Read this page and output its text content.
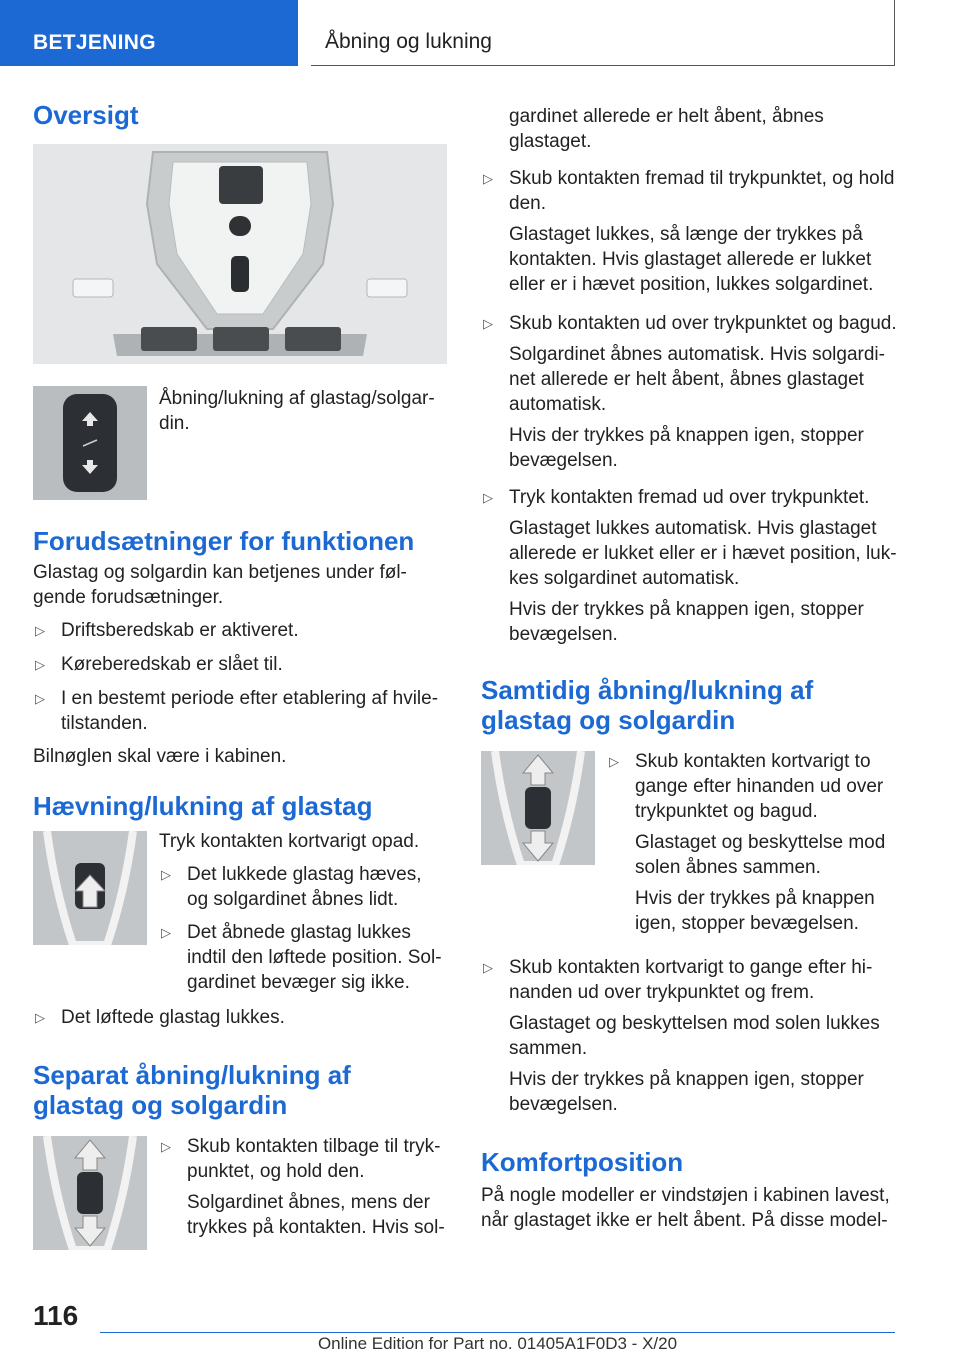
BETJENING	Åbning og lukning
Oversigt

Åbning/lukning af glastag/solgar-din.

Forudsætninger for funktionen

Glastag og solgardin kan betjenes under føl-gende forudsætninger.

▷ Driftsberedskab er aktiveret.
▷ Køreberedskab er slået til.
▷ I en bestemt periode efter etablering af hvile-tilstanden.

Bilnøglen skal være i kabinen.

Hævning/lukning af glastag

Tryk kontakten kortvarigt opad.

▷ Det lukkede glastag hæves, og solgardinet åbnes lidt.
▷ Det åbnede glastag lukkes indtil den løftede position. Sol-gardinet bevæger sig ikke.
▷ Det løftede glastag lukkes.
Separat åbning/lukning af glastag og solgardin
▷ Skub kontakten tilbage til tryk-punktet, og hold den.

Solgardinet åbnes, mens der trykkes på kontakten. Hvis sol-

gardinet allerede er helt åbent, åbnes glastaget.

▷ Skub kontakten fremad til trykpunktet, og hold den.

Glastaget lukkes, så længe der trykkes på kontakten. Hvis glastaget allerede er lukket eller er i hævet position, lukkes solgardinet.

▷ Skub kontakten ud over trykpunktet og bagud.

Solgardinet åbnes automatisk. Hvis solgardi-net allerede er helt åbent, åbnes glastaget automatisk.

Hvis der trykkes på knappen igen, stopper bevægelsen.

▷ Tryk kontakten fremad ud over trykpunktet.

Glastaget lukkes automatisk. Hvis glastaget allerede er lukket eller er i hævet position, luk-kes solgardinet automatisk.

Hvis der trykkes på knappen igen, stopper bevægelsen.

Samtidig åbning/lukning af glastag og solgardin
▷ Skub kontakten kortvarigt to gange efter hinanden ud over trykpunktet og bagud.

Glastaget og beskyttelse mod solen åbnes sammen.

Hvis der trykkes på knappen igen, stopper bevægelsen.

▷ Skub kontakten kortvarigt to gange efter hi-nanden ud over trykpunktet og frem.

Glastaget og beskyttelsen mod solen lukkes sammen.

Hvis der trykkes på knappen igen, stopper bevægelsen.

Komfortposition

På nogle modeller er vindstøjen i kabinen lavest, når glastaget ikke er helt åbent. På disse model-

116
Online Edition for Part no. 01405A1F0D3 - X/20
